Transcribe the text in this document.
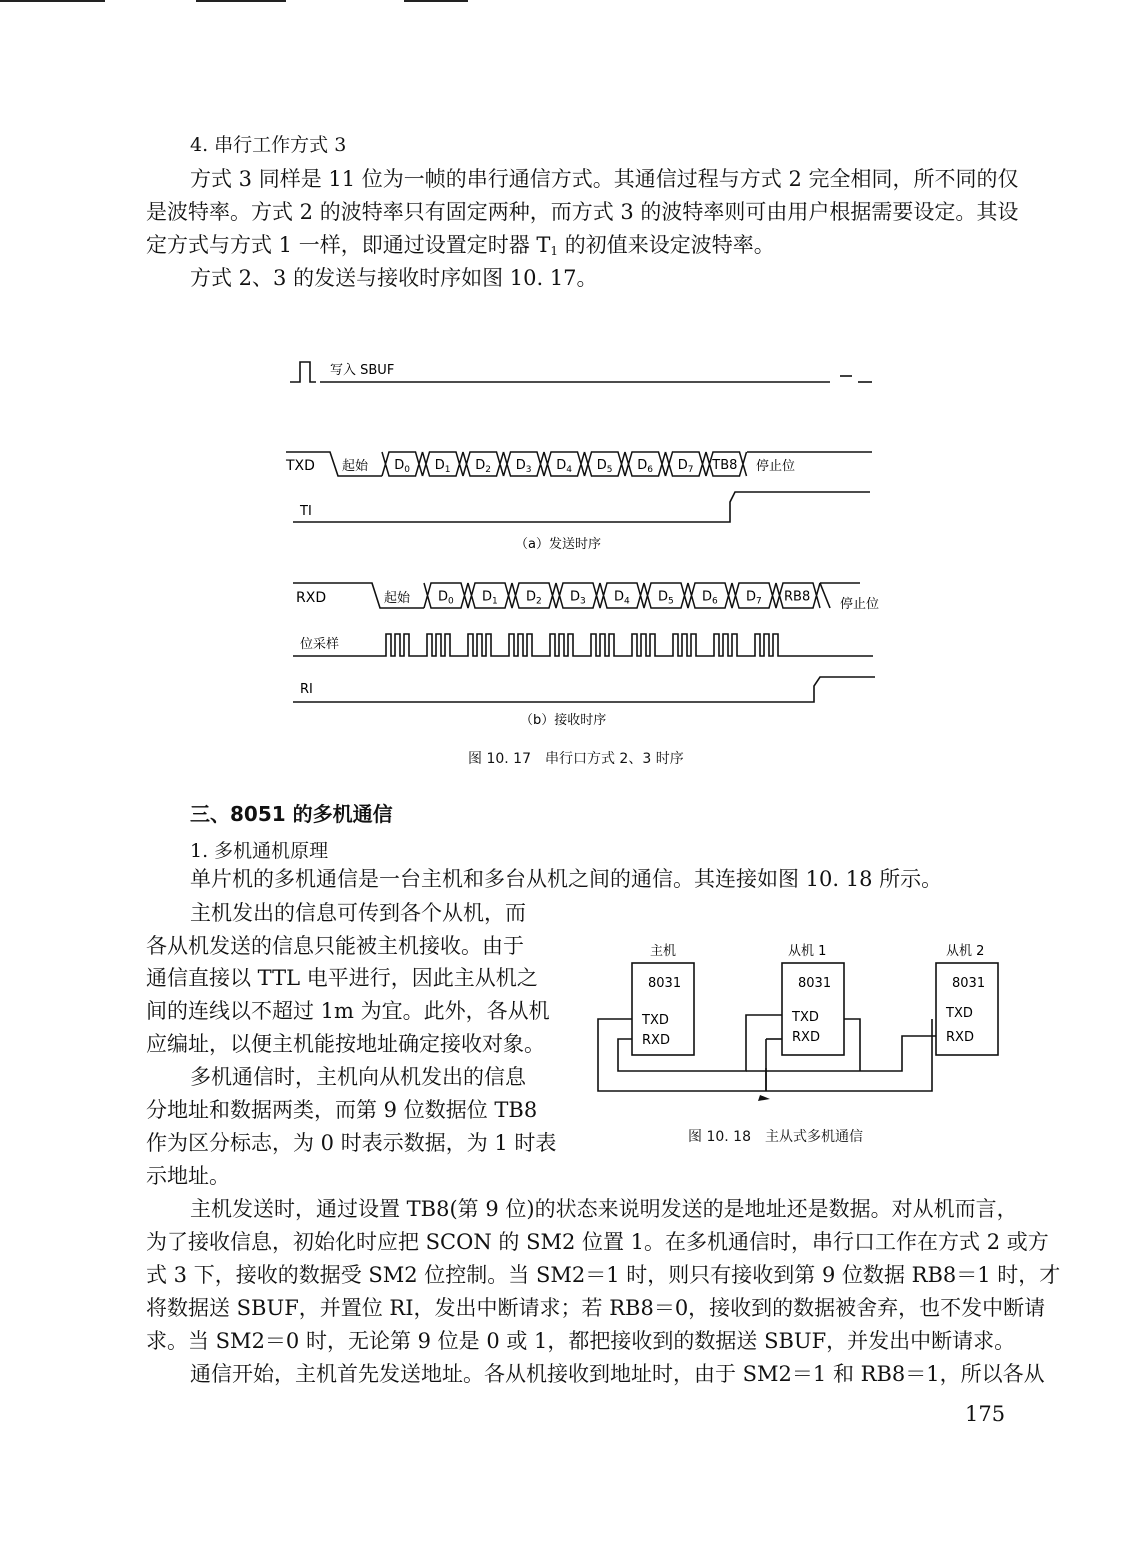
4. 串行工作方式 3

方式 3 同样是 11 位为一帧的串行通信方式。其通信过程与方式 2 完全相同，所不同的仅

是波特率。方式 2 的波特率只有固定两种，而方式 3 的波特率则可由用户根据需要设定。其设

定方式与方式 1 一样，即通过设置定时器 $T_1$ 的初值来设定波特率。

方式 2、3 的发送与接收时序如图 10. 17。

写入 SBUF
TXD 起始 $D_0$ $D_1$ $D_2$ $D_3$ $D_4$ $D_5$ $D_6$ $D_7$ TB8 停止位
TI
（a）发送时序
RXD	起始 $D_0$ $D_1$ $D_2$ $D_3$ $D_4$ $D_5$ $D_6$ $D_7$ RB8 停止位
位采样
RI
（b）接收时序
图 10. 17　串行口方式 2、3 时序
三、8051 的多机通信
1. 多机通机原理

单片机的多机通信是一台主机和多台从机之间的通信。其连接如图 10. 18 所示。

主机发出的信息可传到各个从机，而

各从机发送的信息只能被主机接收。由于

通信直接以 TTL 电平进行，因此主从机之

间的连线以不超过 1m 为宜。此外，各从机

应编址，以便主机能按地址确定接收对象。

多机通信时，主机向从机发出的信息

分地址和数据两类，而第 9 位数据位 TB8

作为区分标志，为 0 时表示数据，为 1 时表

示地址。

主机	从机 1	从机 2
8031	8031	8031
TXD
RXD
TXD
RXD
TXD
RXD
图 10. 18　主从式多机通信

主机发送时，通过设置 TB8(第 9 位)的状态来说明发送的是地址还是数据。对从机而言，

为了接收信息，初始化时应把 SCON 的 SM2 位置 1。在多机通信时，串行口工作在方式 2 或方

式 3 下，接收的数据受 SM2 位控制。当 SM2＝1 时，则只有接收到第 9 位数据 RB8＝1 时，才

将数据送 SBUF，并置位 RI，发出中断请求；若 RB8＝0，接收到的数据被舍弃，也不发中断请

求。当 SM2＝0 时，无论第 9 位是 0 或 1，都把接收到的数据送 SBUF，并发出中断请求。

通信开始，主机首先发送地址。各从机接收到地址时，由于 SM2＝1 和 RB8＝1，所以各从

175
